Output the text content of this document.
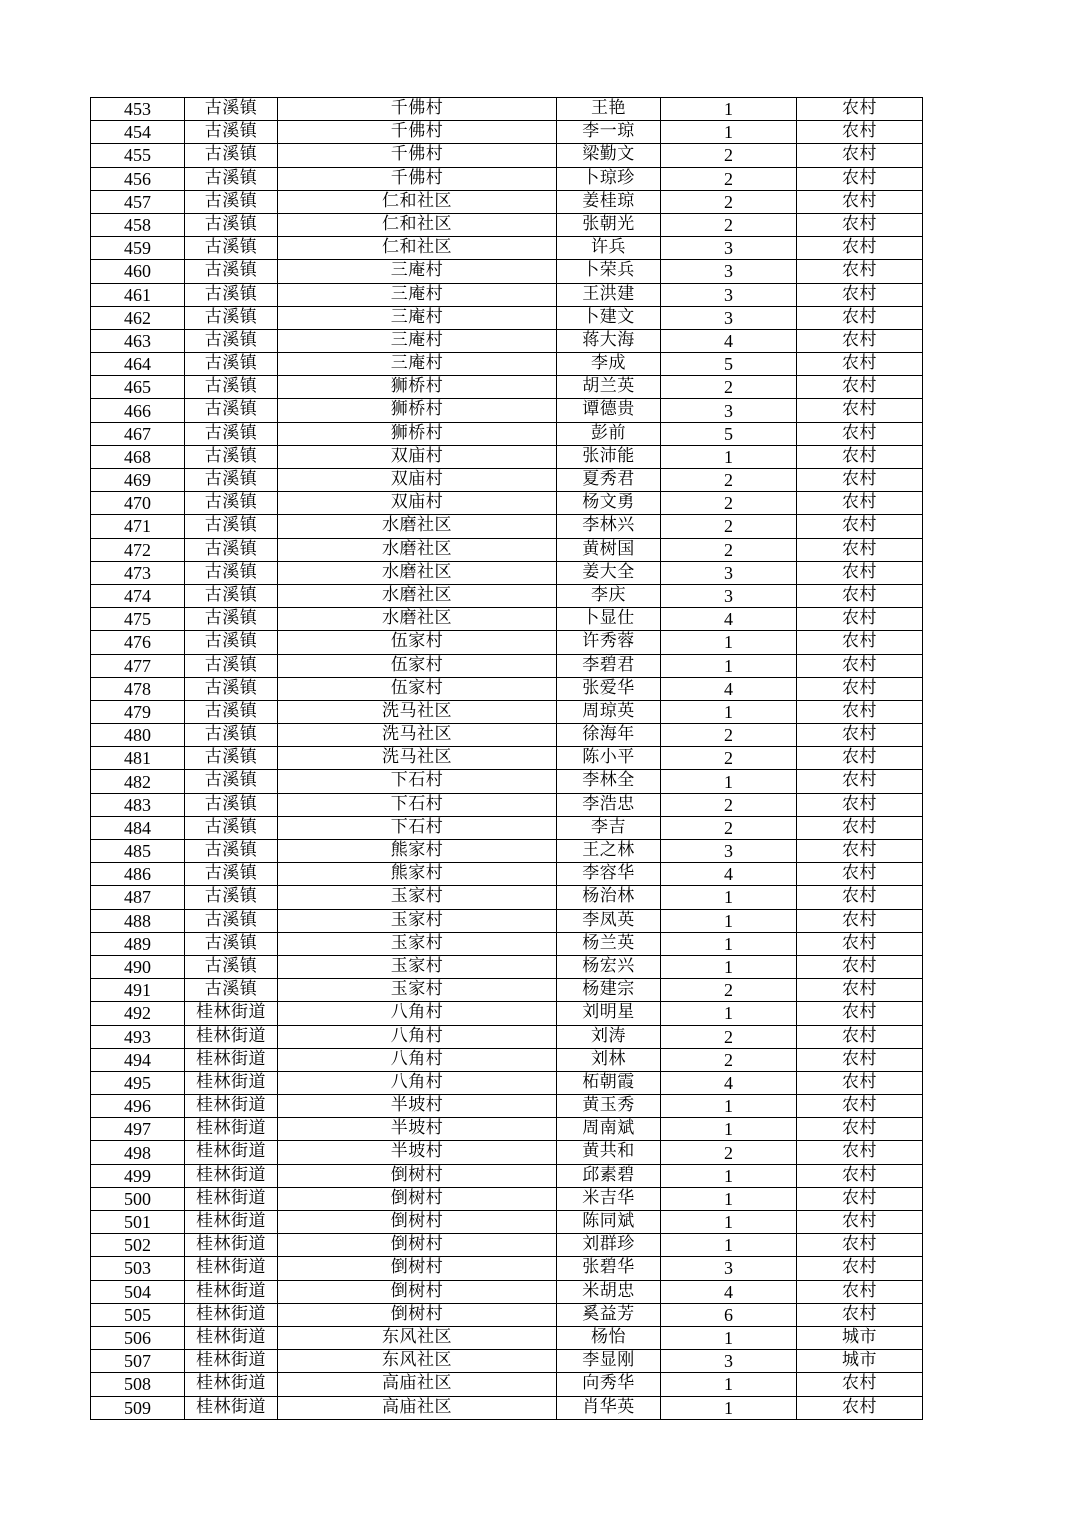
453	古溪镇	千佛村	王艳	1	农村
454	古溪镇	千佛村	李一琼	1	农村
455	古溪镇	千佛村	梁勤文	2	农村
456	古溪镇	千佛村	卜琼珍	2	农村
457	古溪镇	仁和社区	姜桂琼	2	农村
458	古溪镇	仁和社区	张朝光	2	农村
459	古溪镇	仁和社区	许兵	3	农村
460	古溪镇	三庵村	卜荣兵	3	农村
461	古溪镇	三庵村	王洪建	3	农村
462	古溪镇	三庵村	卜建文	3	农村
463	古溪镇	三庵村	蒋大海	4	农村
464	古溪镇	三庵村	李成	5	农村
465	古溪镇	狮桥村	胡兰英	2	农村
466	古溪镇	狮桥村	谭德贵	3	农村
467	古溪镇	狮桥村	彭前	5	农村
468	古溪镇	双庙村	张沛能	1	农村
469	古溪镇	双庙村	夏秀君	2	农村
470	古溪镇	双庙村	杨文勇	2	农村
471	古溪镇	水磨社区	李林兴	2	农村
472	古溪镇	水磨社区	黄树国	2	农村
473	古溪镇	水磨社区	姜大全	3	农村
474	古溪镇	水磨社区	李庆	3	农村
475	古溪镇	水磨社区	卜显仕	4	农村
476	古溪镇	伍家村	许秀蓉	1	农村
477	古溪镇	伍家村	李碧君	1	农村
478	古溪镇	伍家村	张爱华	4	农村
479	古溪镇	洗马社区	周琼英	1	农村
480	古溪镇	洗马社区	徐海年	2	农村
481	古溪镇	洗马社区	陈小平	2	农村
482	古溪镇	下石村	李林全	1	农村
483	古溪镇	下石村	李浩忠	2	农村
484	古溪镇	下石村	李吉	2	农村
485	古溪镇	熊家村	王之林	3	农村
486	古溪镇	熊家村	李容华	4	农村
487	古溪镇	玉家村	杨治林	1	农村
488	古溪镇	玉家村	李凤英	1	农村
489	古溪镇	玉家村	杨兰英	1	农村
490	古溪镇	玉家村	杨宏兴	1	农村
491	古溪镇	玉家村	杨建宗	2	农村
492	桂林街道	八角村	刘明星	1	农村
493	桂林街道	八角村	刘涛	2	农村
494	桂林街道	八角村	刘林	2	农村
495	桂林街道	八角村	柘朝霞	4	农村
496	桂林街道	半坡村	黄玉秀	1	农村
497	桂林街道	半坡村	周南斌	1	农村
498	桂林街道	半坡村	黄共和	2	农村
499	桂林街道	倒树村	邱素碧	1	农村
500	桂林街道	倒树村	米吉华	1	农村
501	桂林街道	倒树村	陈同斌	1	农村
502	桂林街道	倒树村	刘群珍	1	农村
503	桂林街道	倒树村	张碧华	3	农村
504	桂林街道	倒树村	米胡忠	4	农村
505	桂林街道	倒树村	奚益芳	6	农村
506	桂林街道	东风社区	杨怡	1	城市
507	桂林街道	东风社区	李显刚	3	城市
508	桂林街道	高庙社区	向秀华	1	农村
509	桂林街道	高庙社区	肖华英	1	农村
